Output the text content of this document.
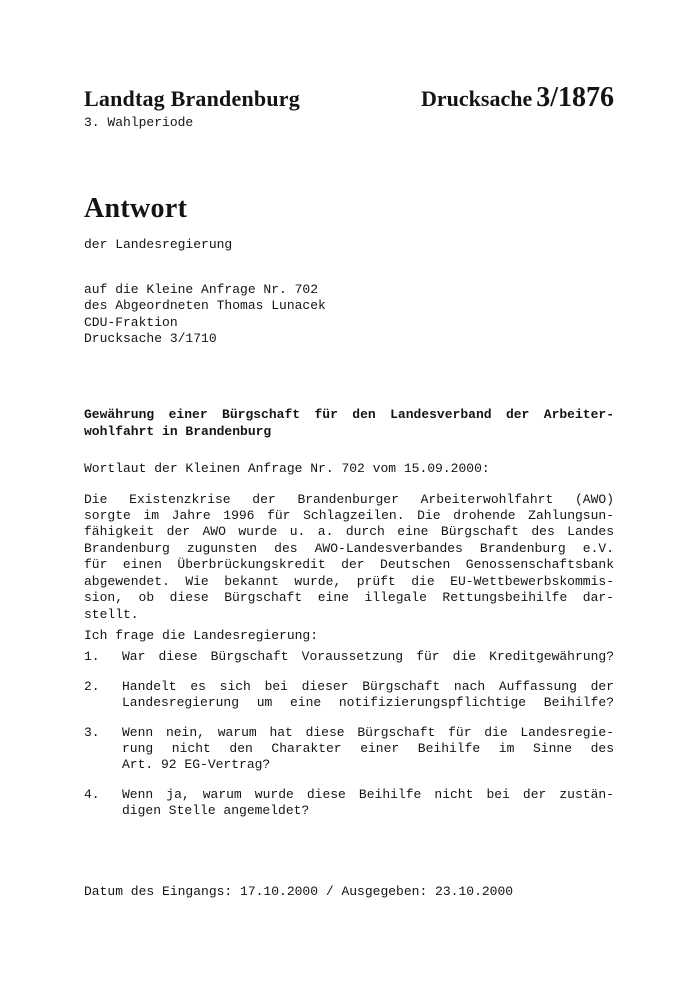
Landtag Brandenburg	Drucksache 3/1876
3. Wahlperiode
Antwort
der Landesregierung
auf die Kleine Anfrage Nr. 702
des Abgeordneten Thomas Lunacek
CDU-Fraktion
Drucksache 3/1710
Gewährung einer Bürgschaft für den Landesverband der Arbeiter-
wohlfahrt in Brandenburg
Wortlaut der Kleinen Anfrage Nr. 702 vom 15.09.2000:
Die Existenzkrise der Brandenburger Arbeiterwohlfahrt (AWO)
sorgte im Jahre 1996 für Schlagzeilen. Die drohende Zahlungsun-
fähigkeit der AWO wurde u. a. durch eine Bürgschaft des Landes
Brandenburg zugunsten des AWO-Landesverbandes Brandenburg e.V.
für einen Überbrückungskredit der Deutschen Genossenschaftsbank
abgewendet. Wie bekannt wurde, prüft die EU-Wettbewerbskommis-
sion, ob diese Bürgschaft eine illegale Rettungsbeihilfe dar-
stellt.
Ich frage die Landesregierung:
1. War diese Bürgschaft Voraussetzung für die Kreditgewährung?
2. Handelt es sich bei dieser Bürgschaft nach Auffassung der
Landesregierung um eine notifizierungspflichtige Beihilfe?
3. Wenn nein, warum hat diese Bürgschaft für die Landesregie-
rung nicht den Charakter einer Beihilfe im Sinne des
Art. 92 EG-Vertrag?
4. Wenn ja, warum wurde diese Beihilfe nicht bei der zustän-
digen Stelle angemeldet?
Datum des Eingangs: 17.10.2000 / Ausgegeben: 23.10.2000
